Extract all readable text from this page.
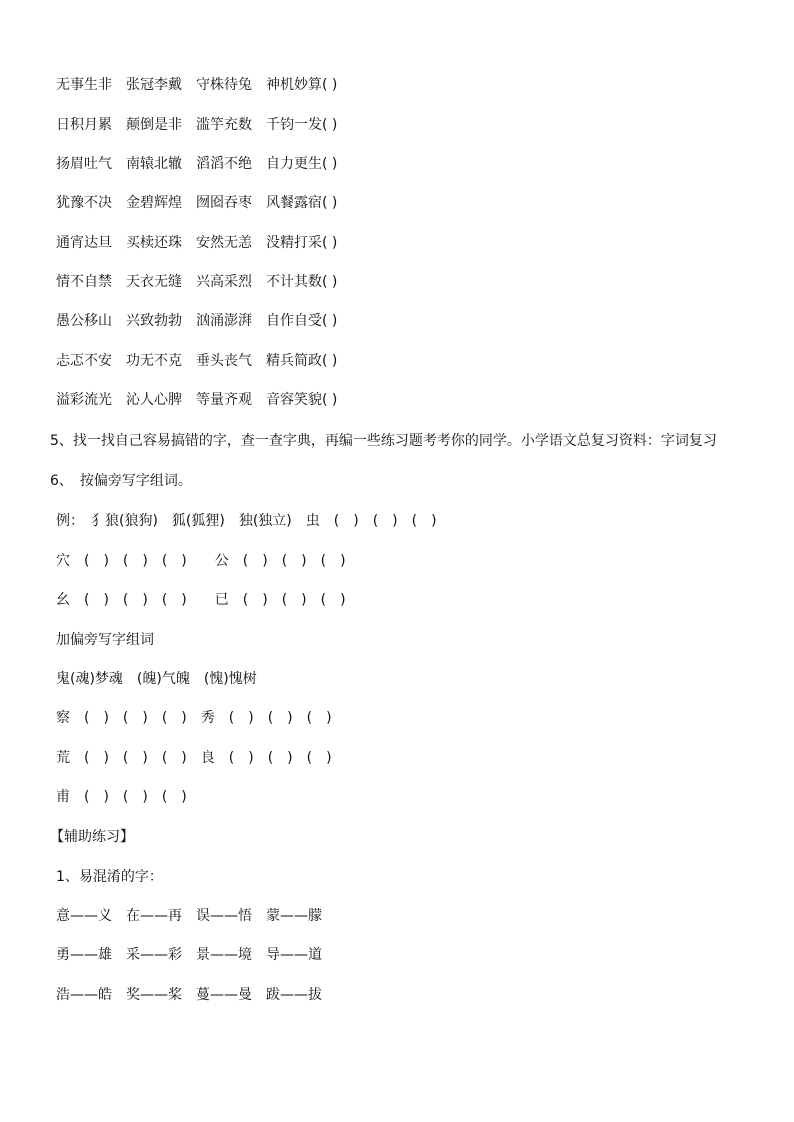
无事生非　张冠李戴　守株待兔　神机妙算( )
日积月累　颠倒是非　滥竽充数　千钧一发( )
扬眉吐气　南辕北辙　滔滔不绝　自力更生( )
犹豫不决　金碧辉煌　囫囵吞枣　风餐露宿( )
通宵达旦　买椟还珠　安然无恙　没精打采( )
情不自禁　天衣无缝　兴高采烈　不计其数( )
愚公移山　兴致勃勃　汹涌澎湃　自作自受( )
忐忑不安　功无不克　垂头丧气　精兵简政( )
溢彩流光　沁人心脾　等量齐观　音容笑貌( )
5、找一找自己容易搞错的字，查一查字典，再编一些练习题考考你的同学。小学语文总复习资料：字词复习
6、　按偏旁写字组词。
例：　犭狼(狼狗)　狐(狐狸)　独(独立)　虫　(　)　(　)　(　)
穴　(　)　(　)　(　)　　公　(　)　(　)　(　)
幺　(　)　(　)　(　)　　已　(　)　(　)　(　)
加偏旁写字组词
鬼(魂)梦魂　(魄)气魄　(愧)愧树
察　(　)　(　)　(　)　秀　(　)　(　)　(　)
荒　(　)　(　)　(　)　良　(　)　(　)　(　)
甫　(　)　(　)　(　)
【辅助练习】
1、易混淆的字：
意——义　在——再　误——悟　蒙——朦
勇——雄　采——彩　景——境　导——道
浩——皓　奖——桨　蔓——曼　跋——拔
